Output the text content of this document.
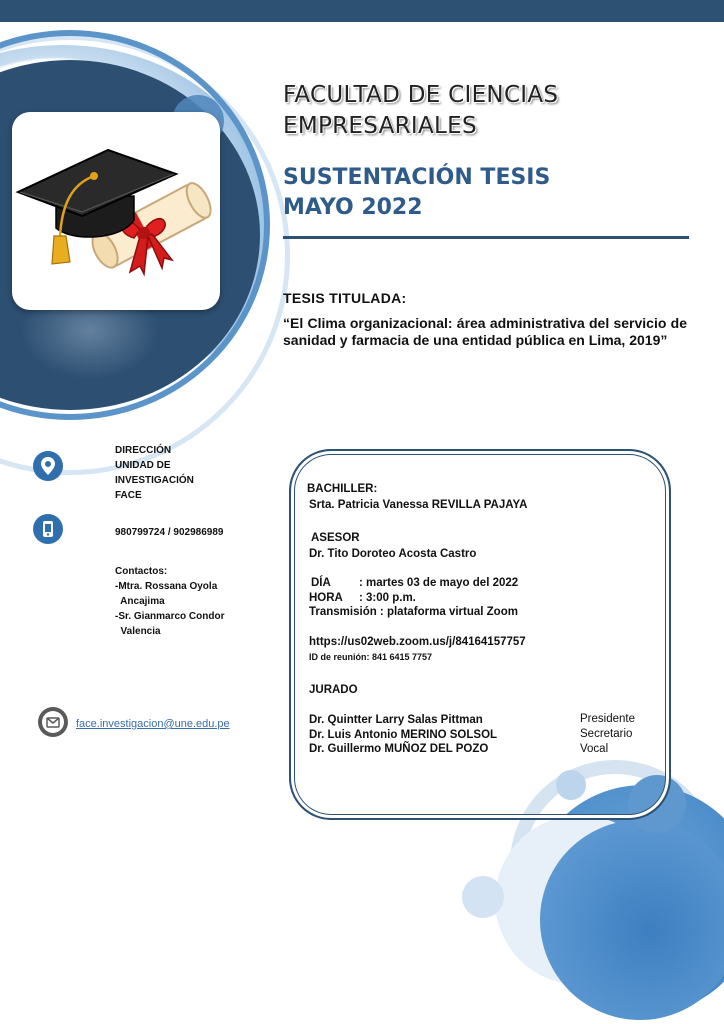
FACULTAD DE CIENCIAS
EMPRESARIALES
SUSTENTACIÓN TESIS
MAYO 2022
TESIS TITULADA:
“El Clima organizacional: área administrativa del servicio de sanidad y farmacia de una entidad pública en Lima, 2019”
DIRECCIÓN
UNIDAD DE
INVESTIGACIÓN
FACE
980799724 / 902986989
Contactos:
-Mtra. Rossana Oyola
Ancajima
-Sr. Gianmarco Condor
Valencia
face.investigacion@une.edu.pe
BACHILLER:
Srta. Patricia Vanessa REVILLA PAJAYA
ASESOR
Dr. Tito Doroteo Acosta Castro
DÍA : martes 03 de mayo del 2022
HORA : 3:00 p.m.
Transmisión : plataforma virtual Zoom
https://us02web.zoom.us/j/84164157757
ID de reunión: 841 6415 7757
JURADO
Dr. Quintter Larry Salas Pittman	Presidente
Dr. Luis Antonio MERINO SOLSOL	Secretario
Dr. Guillermo MUÑOZ DEL POZO	Vocal
